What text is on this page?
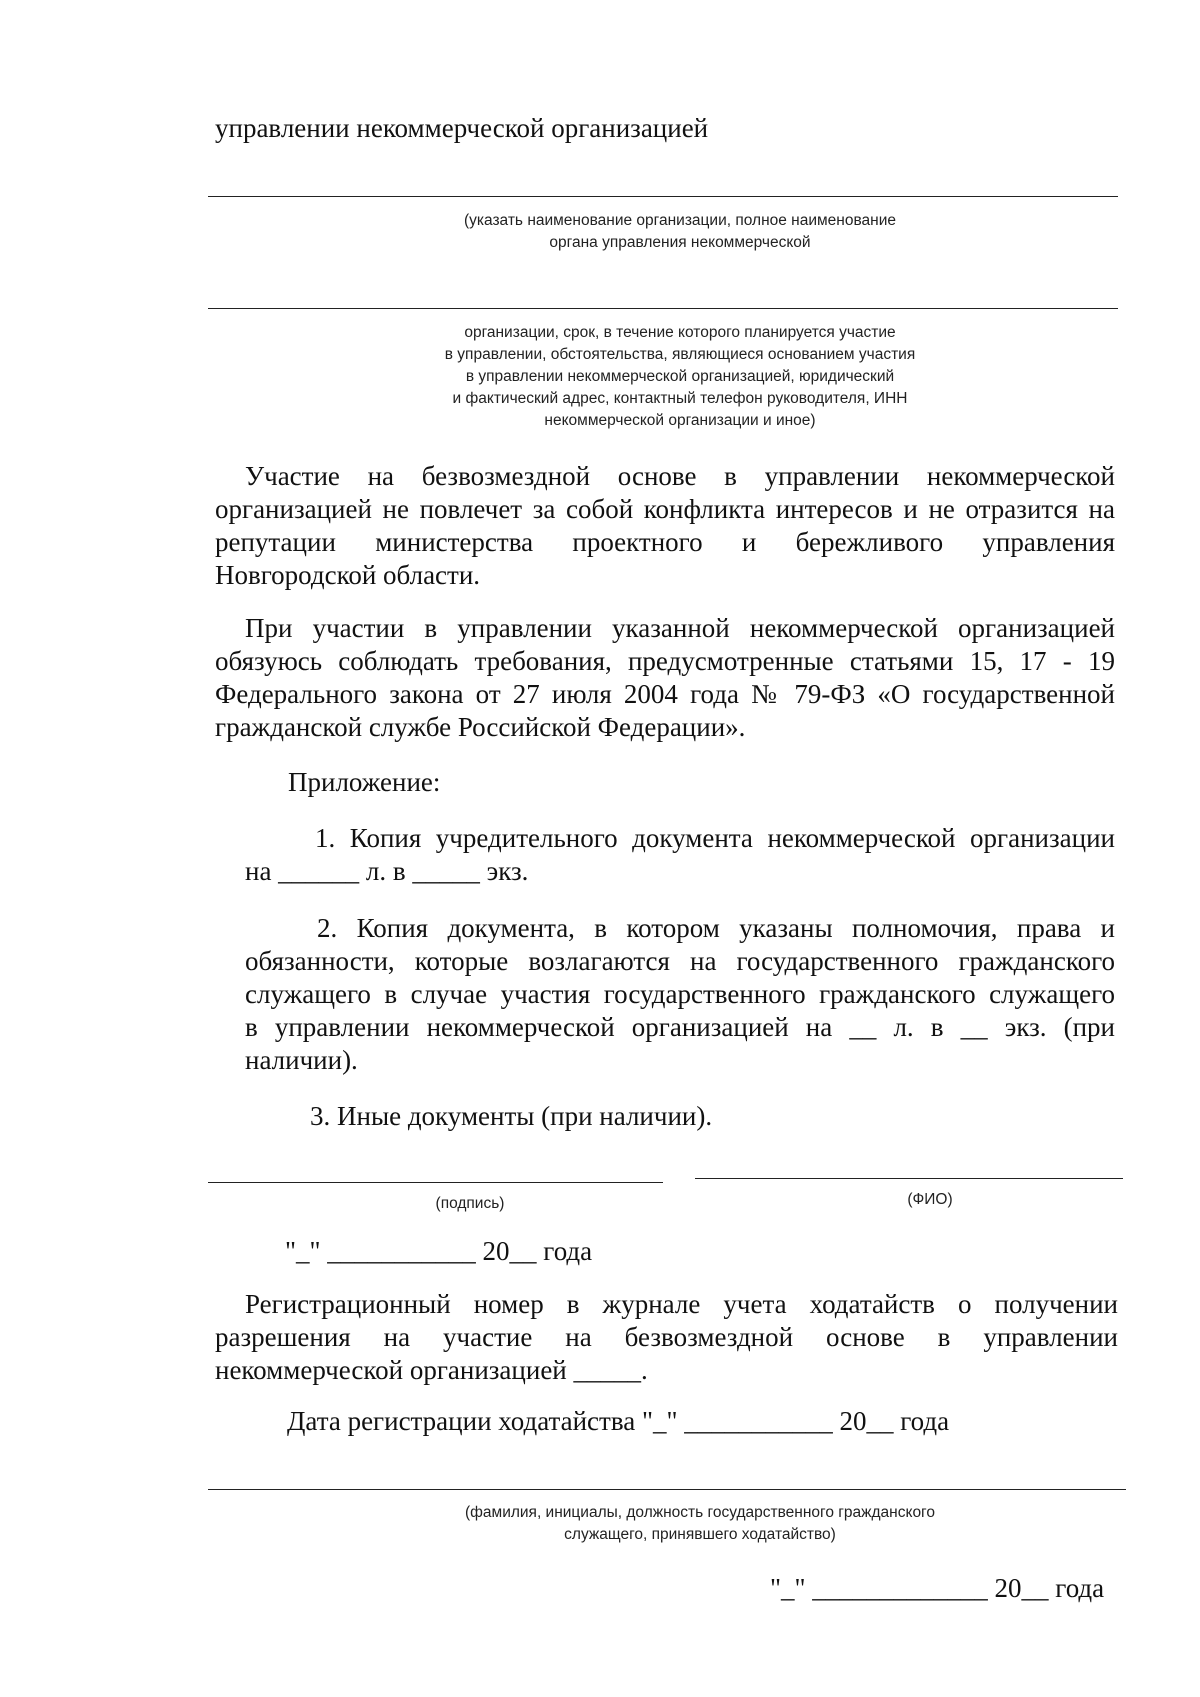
управлении некоммерческой организацией

(указать наименование организации, полное наименование
органа управления некоммерческой
организации, срок, в течение которого планируется участие
в управлении, обстоятельства, являющиеся основанием участия
в управлении некоммерческой организацией, юридический
и фактический адрес, контактный телефон руководителя, ИНН
некоммерческой организации и иное)
Участие на безвозмездной основе в управлении некоммерческой
организацией не повлечет за собой конфликта интересов и не отразится на
репутации министерства проектного и бережливого управления
Новгородской области.
При участии в управлении указанной некоммерческой организацией
обязуюсь соблюдать требования, предусмотренные статьями 15, 17 - 19
Федерального закона от 27 июля 2004 года № 79-ФЗ «О государственной
гражданской службе Российской Федерации».

Приложение:

1. Копия учредительного документа некоммерческой организации
на ______ л. в _____ экз.
2. Копия документа, в котором указаны полномочия, права и
обязанности, которые возлагаются на государственного гражданского
служащего в случае участия государственного гражданского служащего
в управлении некоммерческой организацией на __ л. в __ экз. (при
наличии).

3. Иные документы (при наличии).

(подпись)	(ФИО)

"_" ___________ 20__ года

Регистрационный номер в журнале учета ходатайств о получении
разрешения на участие на безвозмездной основе в управлении
некоммерческой организацией _____.

Дата регистрации ходатайства "_" ___________ 20__ года

(фамилия, инициалы, должность государственного гражданского
служащего, принявшего ходатайство)

"_" _____________ 20__ года
